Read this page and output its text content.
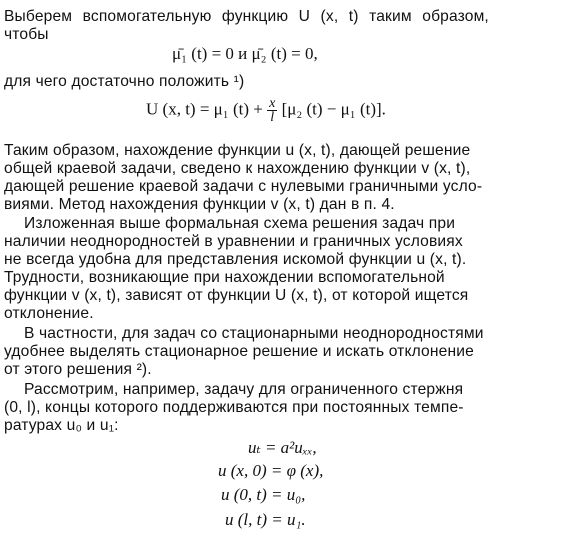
Выберем вспомогательную функцию U (x, t) таким образом,
чтобы
μ̄₁ (t) = 0 и μ̄₂ (t) = 0,
для чего достаточно положить ¹)
U (x, t) = μ₁ $(t) + \frac{x}{l} [\mu_2$ (t) − μ₁ (t)].
Таким образом, нахождение функции u (x, t), дающей решение
общей краевой задачи, сведено к нахождению функции v (x, t),
дающей решение краевой задачи с нулевыми граничными усло-
виями. Метод нахождения функции v (x, t) дан в п. 4.
Изложенная выше формальная схема решения задач при
наличии неоднородностей в уравнении и граничных условиях
не всегда удобна для представления искомой функции u (x, t).
Трудности, возникающие при нахождении вспомогательной
функции v (x, t), зависят от функции U (x, t), от которой ищется
отклонение.
В частности, для задач со стационарными неоднородностями
удобнее выделять стационарное решение и искать отклонение
от этого решения ²).
Рассмотрим, например, задачу для ограниченного стержня
(0, l), концы которого поддерживаются при постоянных темпе-
ратурах u₀ и u₁:
uₜ = a²uₓₓ,
u (x, 0) = φ (x),
u (0, t) = u₀,
u (l, t) = u₁.
